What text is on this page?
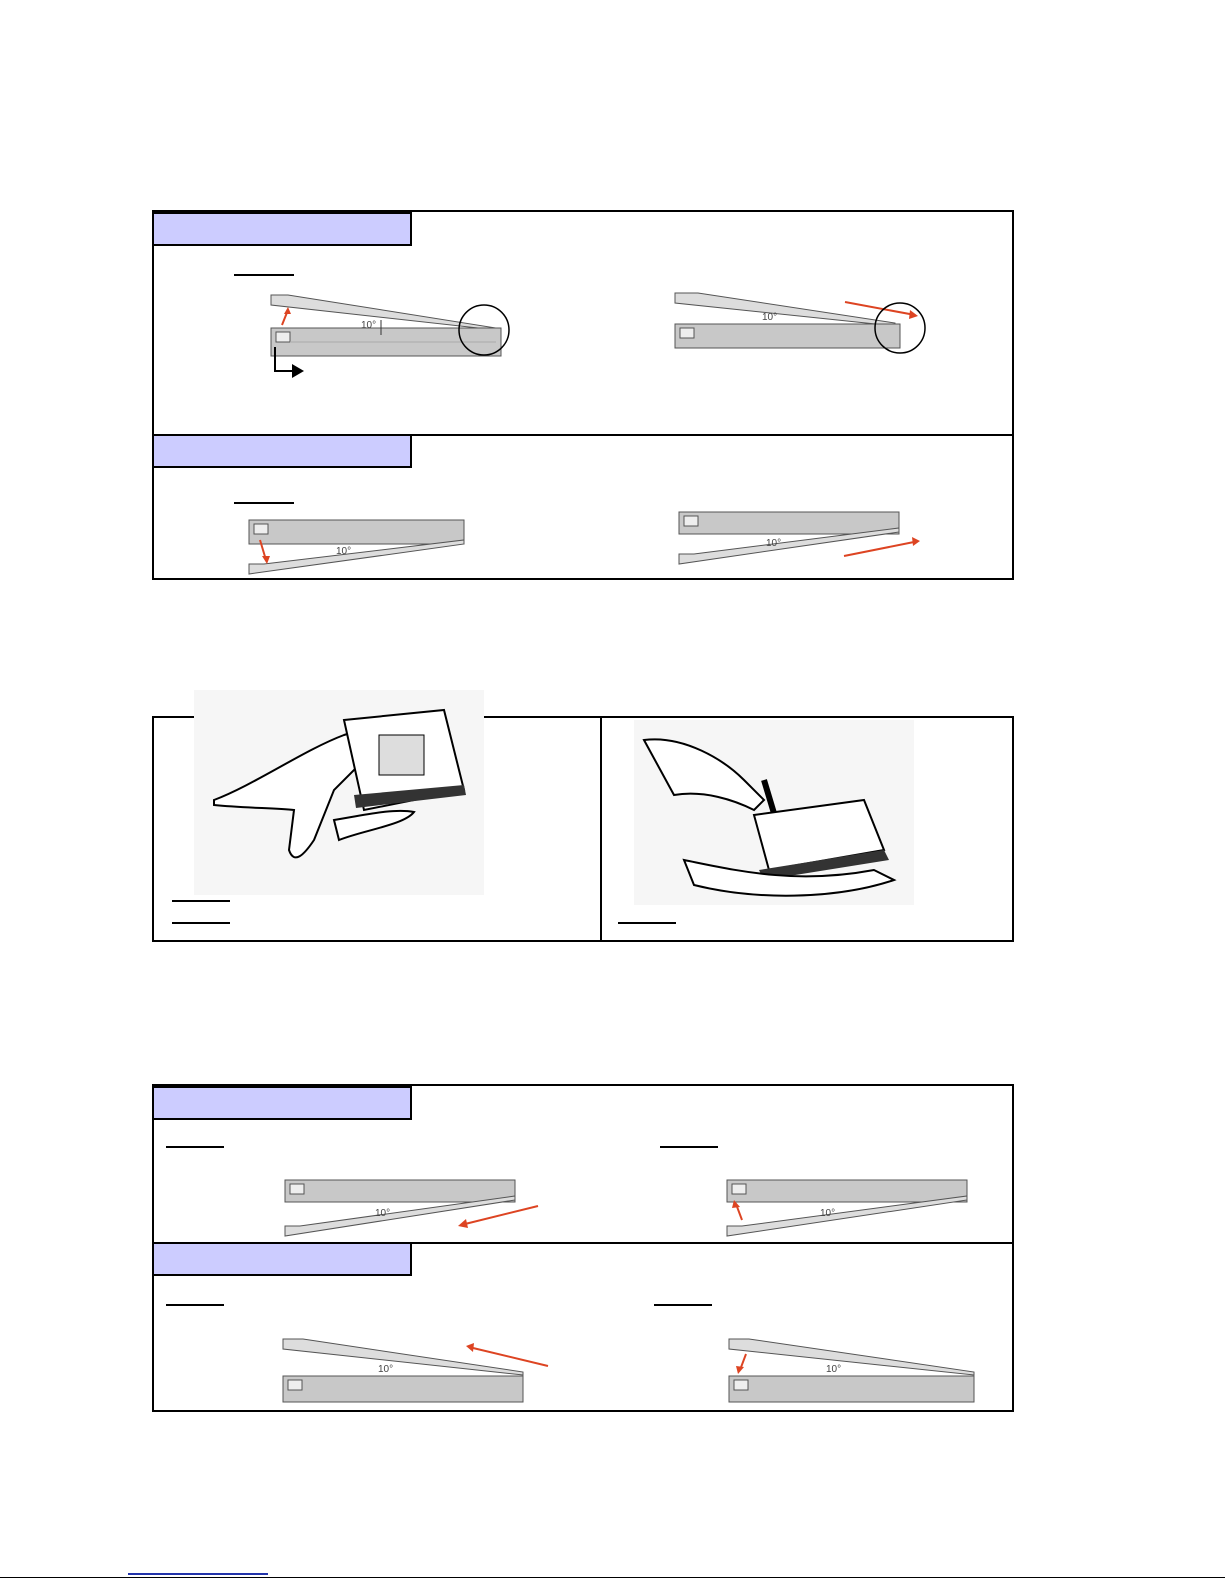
10°
10°
10°
10°
10°	10°
10°	10°
